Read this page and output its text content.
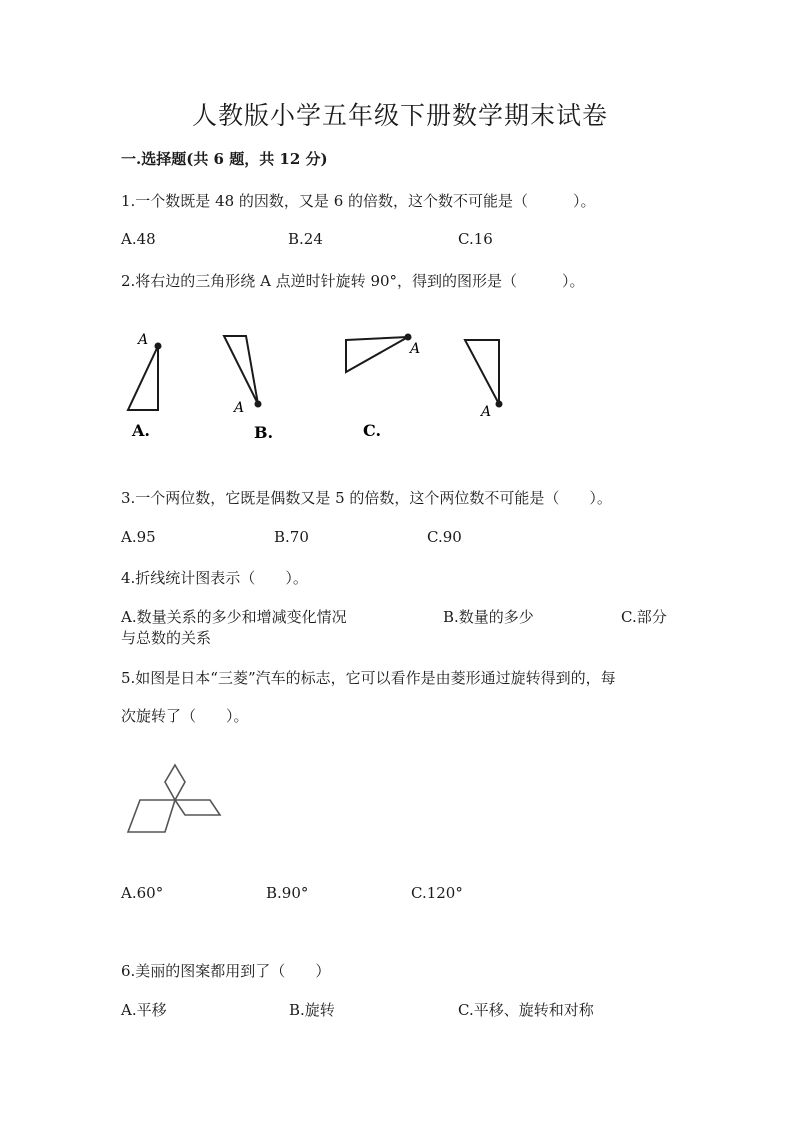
人教版小学五年级下册数学期末试卷
一.选择题(共 6 题，共 12 分)
1.一个数既是 48 的因数，又是 6 的倍数，这个数不可能是（　　　）。
A.48	B.24	C.16
2.将右边的三角形绕 A 点逆时针旋转 90°，得到的图形是（　　　）。
A
A.
A
B.
A
C.
A
3.一个两位数，它既是偶数又是 5 的倍数，这个两位数不可能是（　　）。
A.95	B.70	C.90
4.折线统计图表示（　　）。
A.数量关系的多少和增减变化情况	B.数量的多少	C.部分
与总数的关系
5.如图是日本“三菱”汽车的标志，它可以看作是由菱形通过旋转得到的，每
次旋转了（　　）。
A.60°	B.90°	C.120°
6.美丽的图案都用到了（　　）
A.平移	B.旋转	C.平移、旋转和对称
